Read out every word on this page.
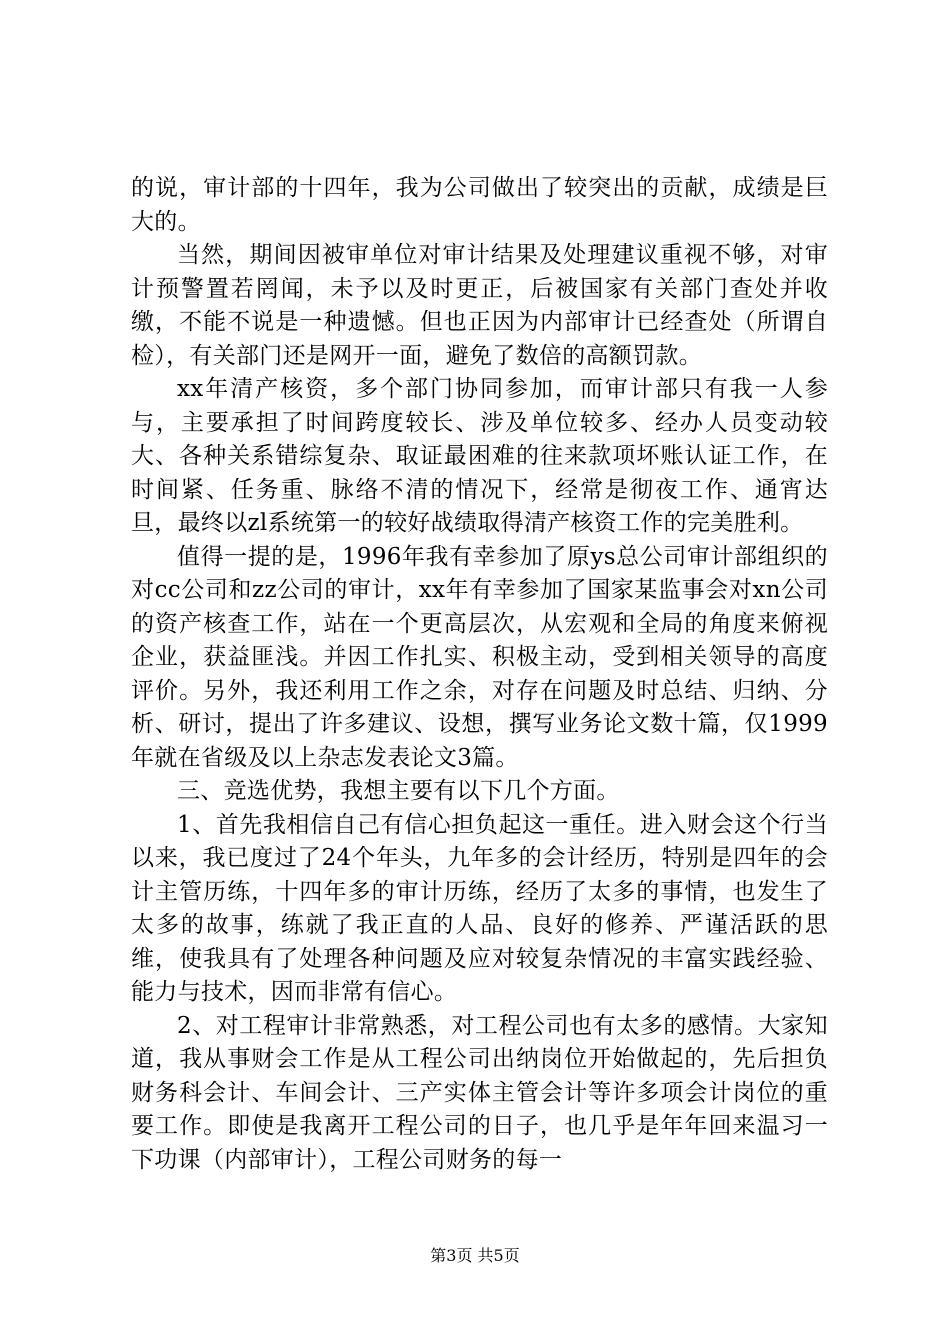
的说，审计部的十四年，我为公司做出了较突出的贡献，成绩是巨大的。

当然，期间因被审单位对审计结果及处理建议重视不够，对审计预警置若罔闻，未予以及时更正，后被国家有关部门查处并收缴，不能不说是一种遗憾。但也正因为内部审计已经查处（所谓自检），有关部门还是网开一面，避免了数倍的高额罚款。

xx年清产核资，多个部门协同参加，而审计部只有我一人参与，主要承担了时间跨度较长、涉及单位较多、经办人员变动较大、各种关系错综复杂、取证最困难的往来款项坏账认证工作，在时间紧、任务重、脉络不清的情况下，经常是彻夜工作、通宵达旦，最终以zl系统第一的较好战绩取得清产核资工作的完美胜利。

值得一提的是，1996年我有幸参加了原ys总公司审计部组织的对cc公司和zz公司的审计，xx年有幸参加了国家某监事会对xn公司的资产核查工作，站在一个更高层次，从宏观和全局的角度来俯视企业，获益匪浅。并因工作扎实、积极主动，受到相关领导的高度评价。另外，我还利用工作之余，对存在问题及时总结、归纳、分析、研讨，提出了许多建议、设想，撰写业务论文数十篇，仅1999年就在省级及以上杂志发表论文3篇。

三、竞选优势，我想主要有以下几个方面。

1、首先我相信自己有信心担负起这一重任。进入财会这个行当以来，我已度过了24个年头，九年多的会计经历，特别是四年的会计主管历练，十四年多的审计历练，经历了太多的事情，也发生了太多的故事，练就了我正直的人品、良好的修养、严谨活跃的思维，使我具有了处理各种问题及应对较复杂情况的丰富实践经验、能力与技术，因而非常有信心。

2、对工程审计非常熟悉，对工程公司也有太多的感情。大家知道，我从事财会工作是从工程公司出纳岗位开始做起的，先后担负财务科会计、车间会计、三产实体主管会计等许多项会计岗位的重要工作。即使是我离开工程公司的日子，也几乎是年年回来温习一下功课（内部审计），工程公司财务的每一

第3页 共5页
